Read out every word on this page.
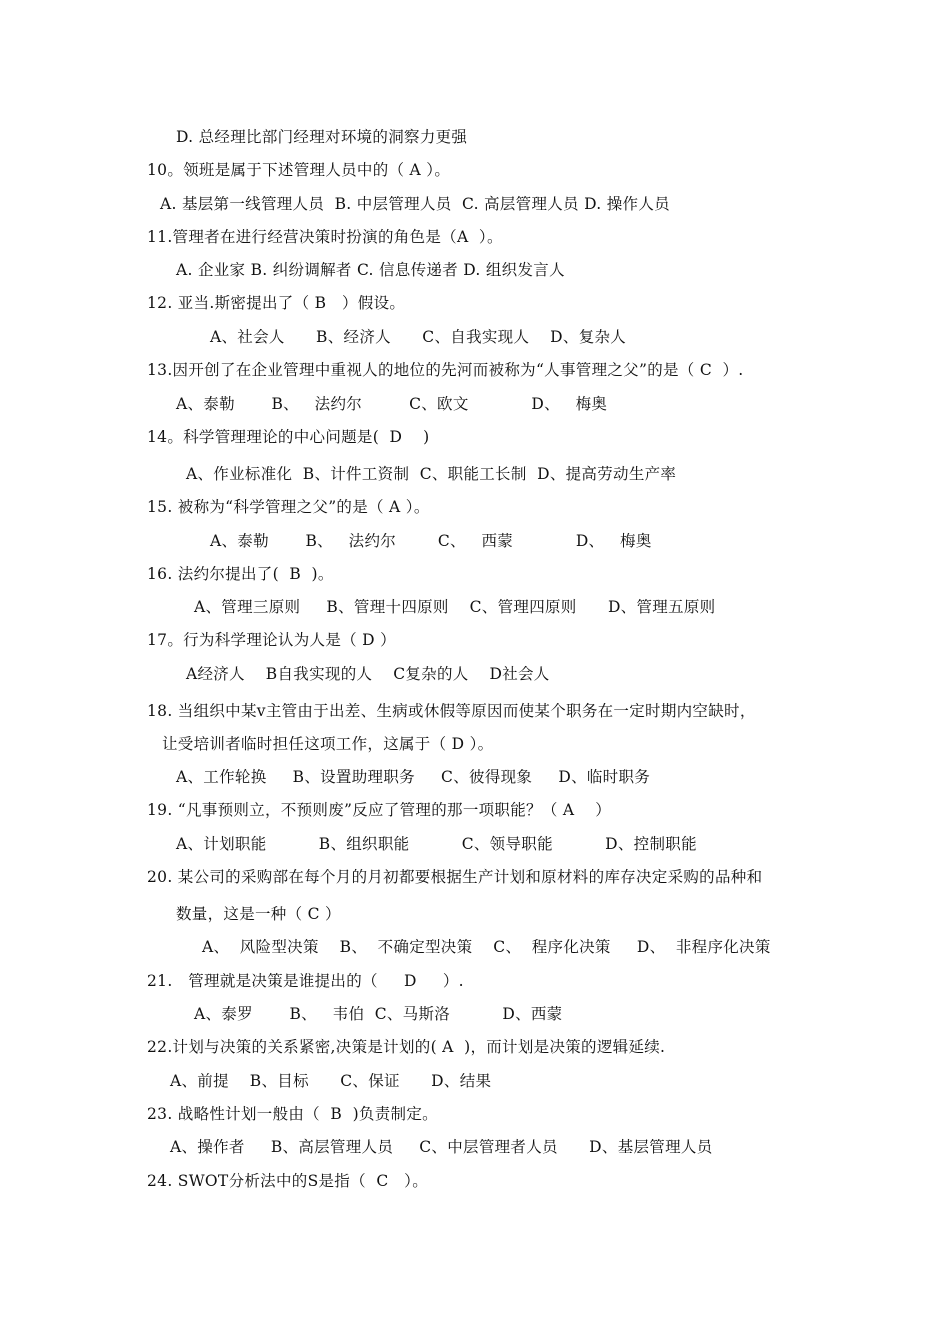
D. 总经理比部门经理对环境的洞察力更强
10。领班是属于下述管理人员中的（ A ）。
A. 基层第一线管理人员  B. 中层管理人员  C. 高层管理人员 D. 操作人员
11.管理者在进行经营决策时扮演的角色是（A  ）。
A. 企业家 B. 纠纷调解者 C. 信息传递者 D. 组织发言人
12. 亚当.斯密提出了（ B   ）假设。
A、社会人      B、经济人      C、自我实现人    D、复杂人
13.因开创了在企业管理中重视人的地位的先河而被称为“人事管理之父”的是（ C  ）.
A、泰勒       B、   法约尔         C、欧文            D、   梅奥
14。科学管理理论的中心问题是(  D    )
A、作业标准化  B、计件工资制  C、职能工长制  D、提高劳动生产率
15. 被称为“科学管理之父”的是（ A ）。
A、泰勒       B、   法约尔        C、   西蒙            D、   梅奥
16. 法约尔提出了(  B  )。
A、管理三原则     B、管理十四原则    C、管理四原则      D、管理五原则
17。行为科学理论认为人是（ D ）
A经济人    B自我实现的人    C复杂的人    D社会人
18. 当组织中某v主管由于出差、生病或休假等原因而使某个职务在一定时期内空缺时，
让受培训者临时担任这项工作，这属于（ D ）。
A、工作轮换     B、设置助理职务     C、彼得现象     D、临时职务
19. “凡事预则立，不预则废”反应了管理的那一项职能？（ A    ）
A、计划职能          B、组织职能          C、领导职能          D、控制职能
20. 某公司的采购部在每个月的月初都要根据生产计划和原材料的库存决定采购的品种和
数量，这是一种（ C ）
A、  风险型决策    B、  不确定型决策    C、  程序化决策     D、  非程序化决策
21.   管理就是决策是谁提出的（     D     ）.
A、泰罗       B、   韦伯  C、马斯洛          D、西蒙
22.计划与决策的关系紧密,决策是计划的( A  )，而计划是决策的逻辑延续.
A、前提    B、目标      C、保证      D、结果
23. 战略性计划一般由（  B  )负责制定。
A、操作者     B、高层管理人员     C、中层管理者人员      D、基层管理人员
24. SWOT分析法中的S是指（  C   ）。
